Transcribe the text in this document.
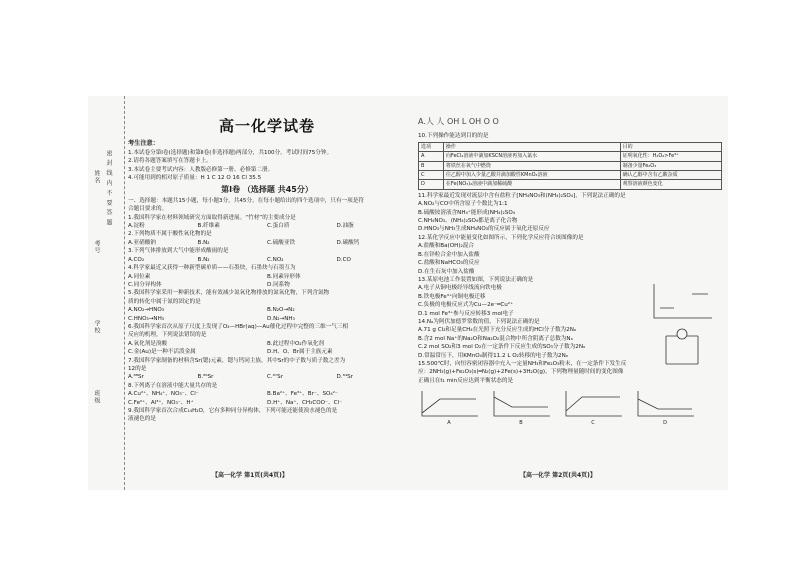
密 封 线 内 不 要 答 题
姓名
考号
学校
班级

高一化学试卷

考生注意：

1.本试卷分第Ⅰ卷(选择题)和第Ⅱ卷(非选择题)两部分，共100分。考试时间75分钟。

2.请将各题答案填写在答题卡上。

3.本试卷主要考试内容：人教版必修第一册、必修第二册。

4.可能用到的相对原子质量：H 1 C 12 O 16 Cl 35.5

第Ⅰ卷 （选择题 共45分）

一、选择题：本题共15小题，每小题3分，共45分。在每小题给出的四个选项中，只有一项是符

合题目要求的。

1.我国科学家在材料领域研究方面取得新进展。“竹材”的主要成分是

A.淀粉	B.纤维素	C.蛋白质	D.油脂

2.下列物质不属于酸性氧化物的是

A.亚硝酸钠	B.N₂	C.硫酸亚铁	D.碳酸钙

3.下列气体排放到大气中能形成酸雨的是

A.CO₂	B.N₂	C.NO₂	D.CO

4.科学家最近又获得一种新型碳单质——石墨炔，石墨炔与石墨互为

A.同位素	B.同素异形体
C.同分异构体	D.同系物

5.我国科学家采用一种新技术，能有效减少氮氧化物排放的氮氧化物，下列含氮物

质的转化中属于氮的固定的是

A.NO₂→HNO₃	B.N₂O→N₂
C.HNO₃→NH₃	D.N₂→NH₃

6.我国科学家首次从原子尺度上发现了O₂—HBr(aq)—Au催化过程中完整的三维一气三相

反应的机理，下列说法错误的是

A.氧化剂是溴酸	B.此过程中O₂作氧化剂
C.金(Au)是一种不活泼金属	D.H、O、Br属于主族元素

7.我国科学家制备的材料含Sr(锶)元素，锶与钙同主族，其中Sr的中子数与质子数之差为

12的是

A.⁸⁸Sr	B.⁸⁶Sr	C.⁸⁷Sr	D.⁸⁴Sr

8.下列离子在溶液中能大量共存的是

A.Cu²⁺、NH₄⁺、NO₃⁻、Cl⁻	B.Ba²⁺、Fe³⁺、Br⁻、SO₄²⁻
C.Fe²⁺、Al³⁺、NO₃⁻、H⁺	D.H⁺、Na⁺、CH₃COO⁻、Cl⁻

9.我国科学家首次合成C₁₄H₂O，它有多种同分异构体，下列可能还能使溴水褪色的是

液褪色的是

【高一化学 第1页(共4页)】

A.人 人 OH L OH O O

10.下列操作能达到目的的是

选项	操作	目的
A	向FeCl₂溶液中滴加KSCN溶液再加入氯水	证明氧化性：H₂O₂>Fe³⁺
B	将铁丝在氧气中燃烧	制备少量Fe₂O₃
C	往乙醇中加入少量乙酸并滴加酸性KMnO₄溶液	确认乙醇中含有乙酸杂质
D	在Fe(NO₃)₂溶液中滴加稀硫酸	观察溶液颜色变化

11.科学家最近发现对流层中含有盐粒子[NH₄NO₃和(NH₄)₂SO₄]，下列说法正确的是

A.NO₂与CO中所含原子个数比为1:1

B.硫酸铵溶液含NH₄⁺能形成(NH₄)₂SO₄

C.NH₄NO₃、(NH₄)₂SO₄都是离子化合物

D.HNO₃与NH₃生成NH₄NO₃的反应属于氧化还原反应

12.某化学反应中能量变化如图所示，下列化学反应符合该图像的是

A.盐酸和Ba(OH)₂混合

B.在锌粒合金中加入盐酸

C.盐酸和NaHCO₃的反应

D.在生石灰中加入盐酸

13.某原电池工作装置如图，下列说法正确的是

A.电子从铜电极经导线流向铁电极

B.铁电极Fe³⁺向铜电极迁移

C.负极的电极反应式为Cu—2e⁻═Cu²⁺

D.1 mol Fe³⁺参与反应转移3 mol电子

14.Nₐ为阿伏加德罗常数的值，下列说法正确的是

A.71 g Cl₂和足量CH₄在光照下充分反应生成的HCl分子数为2Nₐ

B.含2 mol Na⁺的Na₂O和Na₂O₂混合物中所含阴离子总数为Nₐ

C.2 mol SO₂和3 mol O₂在一定条件下反应生成的SO₃分子数为2Nₐ

D.常温常压下，用KMnO₄制得11.2 L O₂转移的电子数为2Nₐ

15.500℃时，向恒容密闭容器中充入一定量NH₃和Fe₂O₃粉末，在一定条件下发生反

应：2NH₃(g)+Fe₂O₃(s)═N₂(g)+2Fe(s)+3H₂O(g)，下列物理量随时间的变化图像

正确且在t₁ min反应达到平衡状态的是

A	B	C	D
【高一化学 第2页(共4页)】
